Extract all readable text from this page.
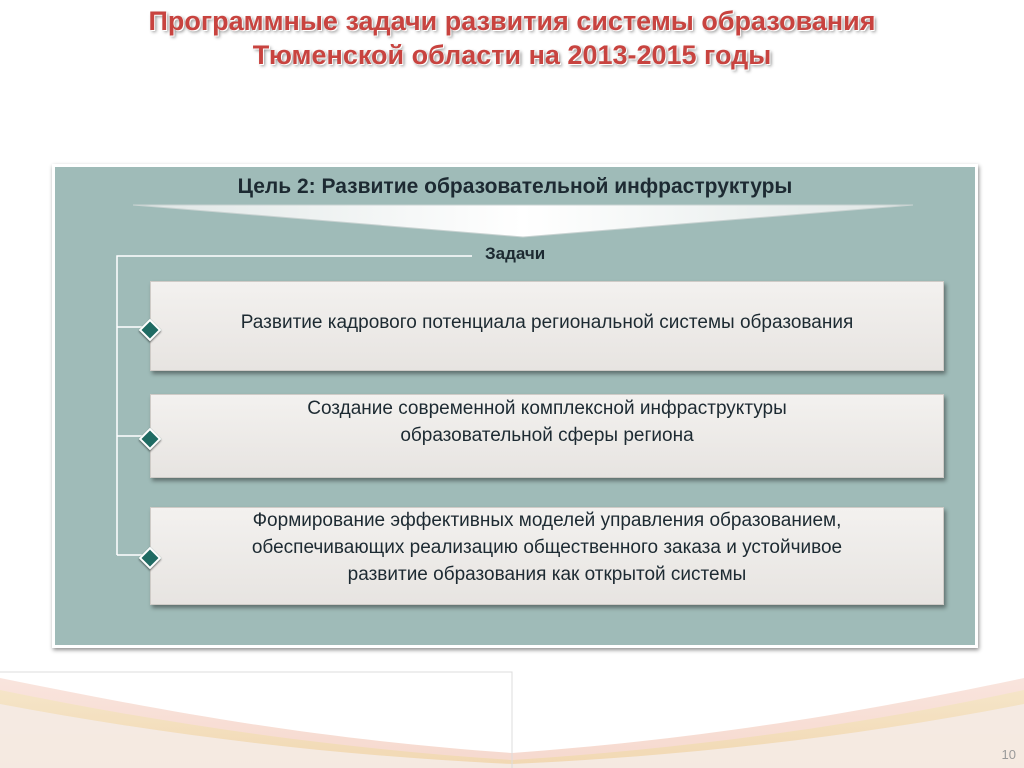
Программные задачи развития системы образования
Тюменской области на 2013-2015 годы
Цель 2: Развитие образовательной инфраструктуры
Задачи
Развитие кадрового потенциала региональной системы образования
Создание современной комплексной инфраструктуры
образовательной сферы региона
Формирование эффективных моделей управления образованием,
обеспечивающих реализацию общественного заказа и устойчивое
развитие образования как открытой системы
10
